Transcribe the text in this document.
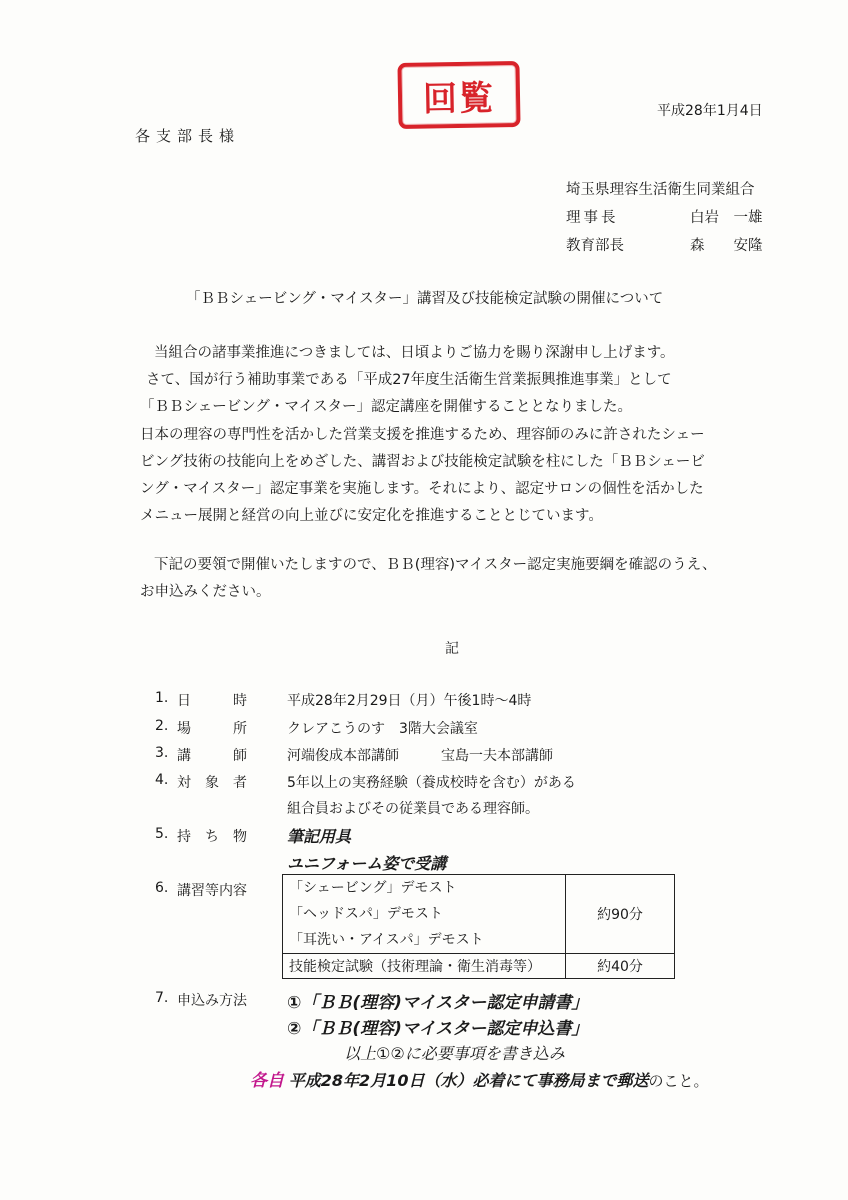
回覧	平成28年1月4日
各支部長様
埼玉県理容生活衛生同業組合
理事長	白岩　一雄
教育部長	森　　安隆
「ＢＢシェービング・マイスター」講習及び技能検定試験の開催について

当組合の諸事業推進につきましては、日頃よりご協力を賜り深謝申し上げます。

さて、国が行う補助事業である「平成27年度生活衛生営業振興推進事業」として

「ＢＢシェービング・マイスター」認定講座を開催することとなりました。

日本の理容の専門性を活かした営業支援を推進するため、理容師のみに許されたシェー

ビング技術の技能向上をめざした、講習および技能検定試験を柱にした「ＢＢシェービ

ング・マイスター」認定事業を実施します。それにより、認定サロンの個性を活かした

メニュー展開と経営の向上並びに安定化を推進することとじています。

下記の要領で開催いたしますので、ＢＢ(理容)マイスター認定実施要綱を確認のうえ、

お申込みください。

記
1. 日　　　時	平成28年2月29日（月）午後1時～4時
2. 場　　　所	クレアこうのす　3階大会議室
3. 講　　　師	河端俊成本部講師　　　宝島一夫本部講師
4. 対　象　者	5年以上の実務経験（養成校時を含む）がある
組合員およびその従業員である理容師。
5. 持　ち　物	筆記用具
ユニフォーム姿で受講
6. 講習等内容	「シェービング」デモスト
「ヘッドスパ」デモスト
「耳洗い・アイスパ」デモスト	約90分
技能検定試験（技術理論・衛生消毒等）	約40分
7. 申込み方法 ①「ＢＢ(理容)マイスター認定申請書」
②「ＢＢ(理容)マイスター認定申込書」
以上①②に必要事項を書き込み
各自 平成28年2月10日（水）必着にて事務局まで郵送のこと。
